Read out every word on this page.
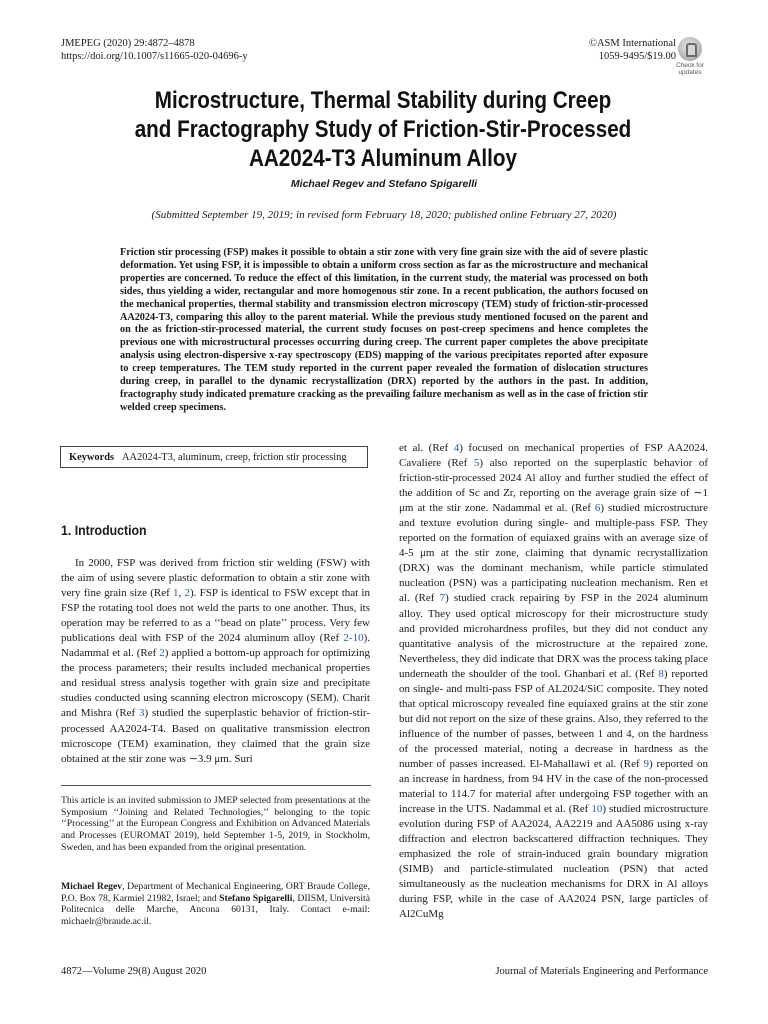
JMEPEG (2020) 29:4872–4878
https://doi.org/10.1007/s11665-020-04696-y
©ASM International
1059-9495/$19.00
Check for
updates
Microstructure, Thermal Stability during Creep
and Fractography Study of Friction-Stir-Processed
AA2024-T3 Aluminum Alloy
Michael Regev and Stefano Spigarelli
(Submitted September 19, 2019; in revised form February 18, 2020; published online February 27, 2020)
Friction stir processing (FSP) makes it possible to obtain a stir zone with very fine grain size with the aid of severe plastic deformation. Yet using FSP, it is impossible to obtain a uniform cross section as far as the microstructure and mechanical properties are concerned. To reduce the effect of this limitation, in the current study, the material was processed on both sides, thus yielding a wider, rectangular and more homogenous stir zone. In a recent publication, the authors focused on the mechanical properties, thermal stability and transmission electron microscopy (TEM) study of friction-stir-processed AA2024-T3, comparing this alloy to the parent material. While the previous study mentioned focused on the parent and on the as friction-stir-processed material, the current study focuses on post-creep specimens and hence completes the previous one with microstructural processes occurring during creep. The current paper completes the above precipitate analysis using electron-dispersive x-ray spectroscopy (EDS) mapping of the various precipitates reported after exposure to creep temperatures. The TEM study reported in the current paper revealed the formation of dislocation structures during creep, in parallel to the dynamic recrystallization (DRX) reported by the authors in the past. In addition, fractography study indicated premature cracking as the prevailing failure mechanism as well as in the case of friction stir welded creep specimens.
Keywords AA2024-T3, aluminum, creep, friction stir processing
1. Introduction

In 2000, FSP was derived from friction stir welding (FSW) with the aim of using severe plastic deformation to obtain a stir zone with very fine grain size (Ref 1, 2). FSP is identical to FSW except that in FSP the rotating tool does not weld the parts to one another. Thus, its operation may be referred to as a ‘‘bead on plate’’ process. Very few publications deal with FSP of the 2024 aluminum alloy (Ref 2-10). Nadammal et al. (Ref 2) applied a bottom-up approach for optimizing the process parameters; their results included mechanical properties and residual stress analysis together with grain size and precipitate studies conducted using scanning electron microscopy (SEM). Charit and Mishra (Ref 3) studied the superplastic behavior of friction-stir-processed AA2024-T4. Based on qualitative transmission electron microscope (TEM) examination, they claimed that the grain size obtained at the stir zone was ∼3.9 μm. Suri

This article is an invited submission to JMEP selected from presentations at the Symposium ‘‘Joining and Related Technologies,’’ belonging to the topic ‘‘Processing’’ at the European Congress and Exhibition on Advanced Materials and Processes (EUROMAT 2019), held September 1-5, 2019, in Stockholm, Sweden, and has been expanded from the original presentation.
Michael Regev, Department of Mechanical Engineering, ORT Braude College, P.O. Box 78, Karmiel 21982, Israel; and Stefano Spigarelli, DIISM, Università Politecnica delle Marche, Ancona 60131, Italy. Contact e-mail: michaelr@braude.ac.il.

et al. (Ref 4) focused on mechanical properties of FSP AA2024. Cavaliere (Ref 5) also reported on the superplastic behavior of friction-stir-processed 2024 Al alloy and further studied the effect of the addition of Sc and Zr, reporting on the average grain size of ∼1 μm at the stir zone. Nadammal et al. (Ref 6) studied microstructure and texture evolution during single- and multiple-pass FSP. They reported on the formation of equiaxed grains with an average size of 4-5 μm at the stir zone, claiming that dynamic recrystallization (DRX) was the dominant mechanism, while particle stimulated nucleation (PSN) was a participating nucleation mechanism. Ren et al. (Ref 7) studied crack repairing by FSP in the 2024 aluminum alloy. They used optical microscopy for their microstructure study and provided microhardness profiles, but they did not conduct any quantitative analysis of the microstructure at the repaired zone. Nevertheless, they did indicate that DRX was the process taking place underneath the shoulder of the tool. Ghanbari et al. (Ref 8) reported on single- and multi-pass FSP of AL2024/SiC composite. They noted that optical microscopy revealed fine equiaxed grains at the stir zone but did not report on the size of these grains. Also, they referred to the influence of the number of passes, between 1 and 4, on the hardness of the processed material, noting a decrease in hardness as the number of passes increased. El-Mahallawi et al. (Ref 9) reported on an increase in hardness, from 94 HV in the case of the non-processed material to 114.7 for material after undergoing FSP together with an increase in the UTS. Nadammal et al. (Ref 10) studied microstructure evolution during FSP of AA2024, AA2219 and AA5086 using x-ray diffraction and electron backscattered diffraction techniques. They emphasized the role of strain-induced grain boundary migration (SIMB) and particle-stimulated nucleation (PSN) that acted simultaneously as the nucleation mechanisms for DRX in Al alloys during FSP, while in the case of AA2024 PSN, large particles of Al2CuMg

4872—Volume 29(8) August 2020	Journal of Materials Engineering and Performance
